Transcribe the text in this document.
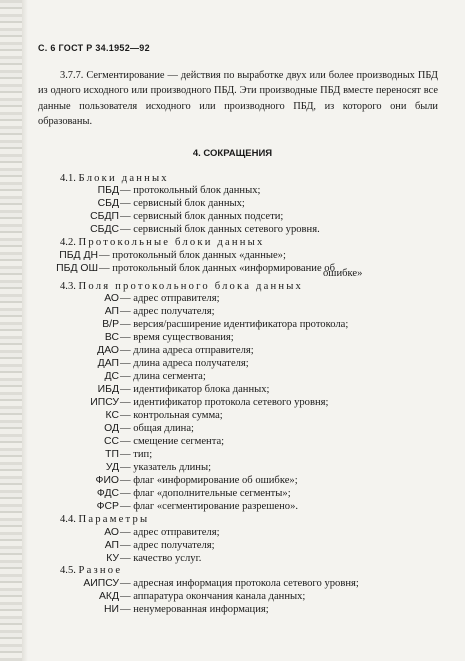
С. 6 ГОСТ Р 34.1952—92
3.7.7. Сегментирование — действия по выработке двух или более производных ПБД из одного исходного или производного ПБД. Эти производные ПБД вместе переносят все данные пользователя исходного или производного ПБД, из которого они были образованы.
4. СОКРАЩЕНИЯ
4.1. Блоки данных
ПБД — протокольный блок данных;
СБД — сервисный блок данных;
СБДП — сервисный блок данных подсети;
СБДС — сервисный блок данных сетевого уровня.
4.2. Протокольные блоки данных
ПБД ДН — протокольный блок данных «данные»;
ПБД ОШ — протокольный блок данных «информирование об
ошибке»
4.3. Поля протокольного блока данных
АО — адрес отправителя;
АП — адрес получателя;
В/Р — версия/расширение идентификатора протокола;
ВС — время существования;
ДАО — длина адреса отправителя;
ДАП — длина адреса получателя;
ДС — длина сегмента;
ИБД — идентификатор блока данных;
ИПСУ — идентификатор протокола сетевого уровня;
КС — контрольная сумма;
ОД — общая длина;
СС — смещение сегмента;
ТП — тип;
УД — указатель длины;
ФИО — флаг «информирование об ошибке»;
ФДС — флаг «дополнительные сегменты»;
ФСР — флаг «сегментирование разрешено».
4.4. Параметры
АО — адрес отправителя;
АП — адрес получателя;
КУ — качество услуг.
4.5. Разное
АИПСУ — адресная информация протокола сетевого уровня;
АКД — аппаратура окончания канала данных;
НИ — ненумерованная информация;
